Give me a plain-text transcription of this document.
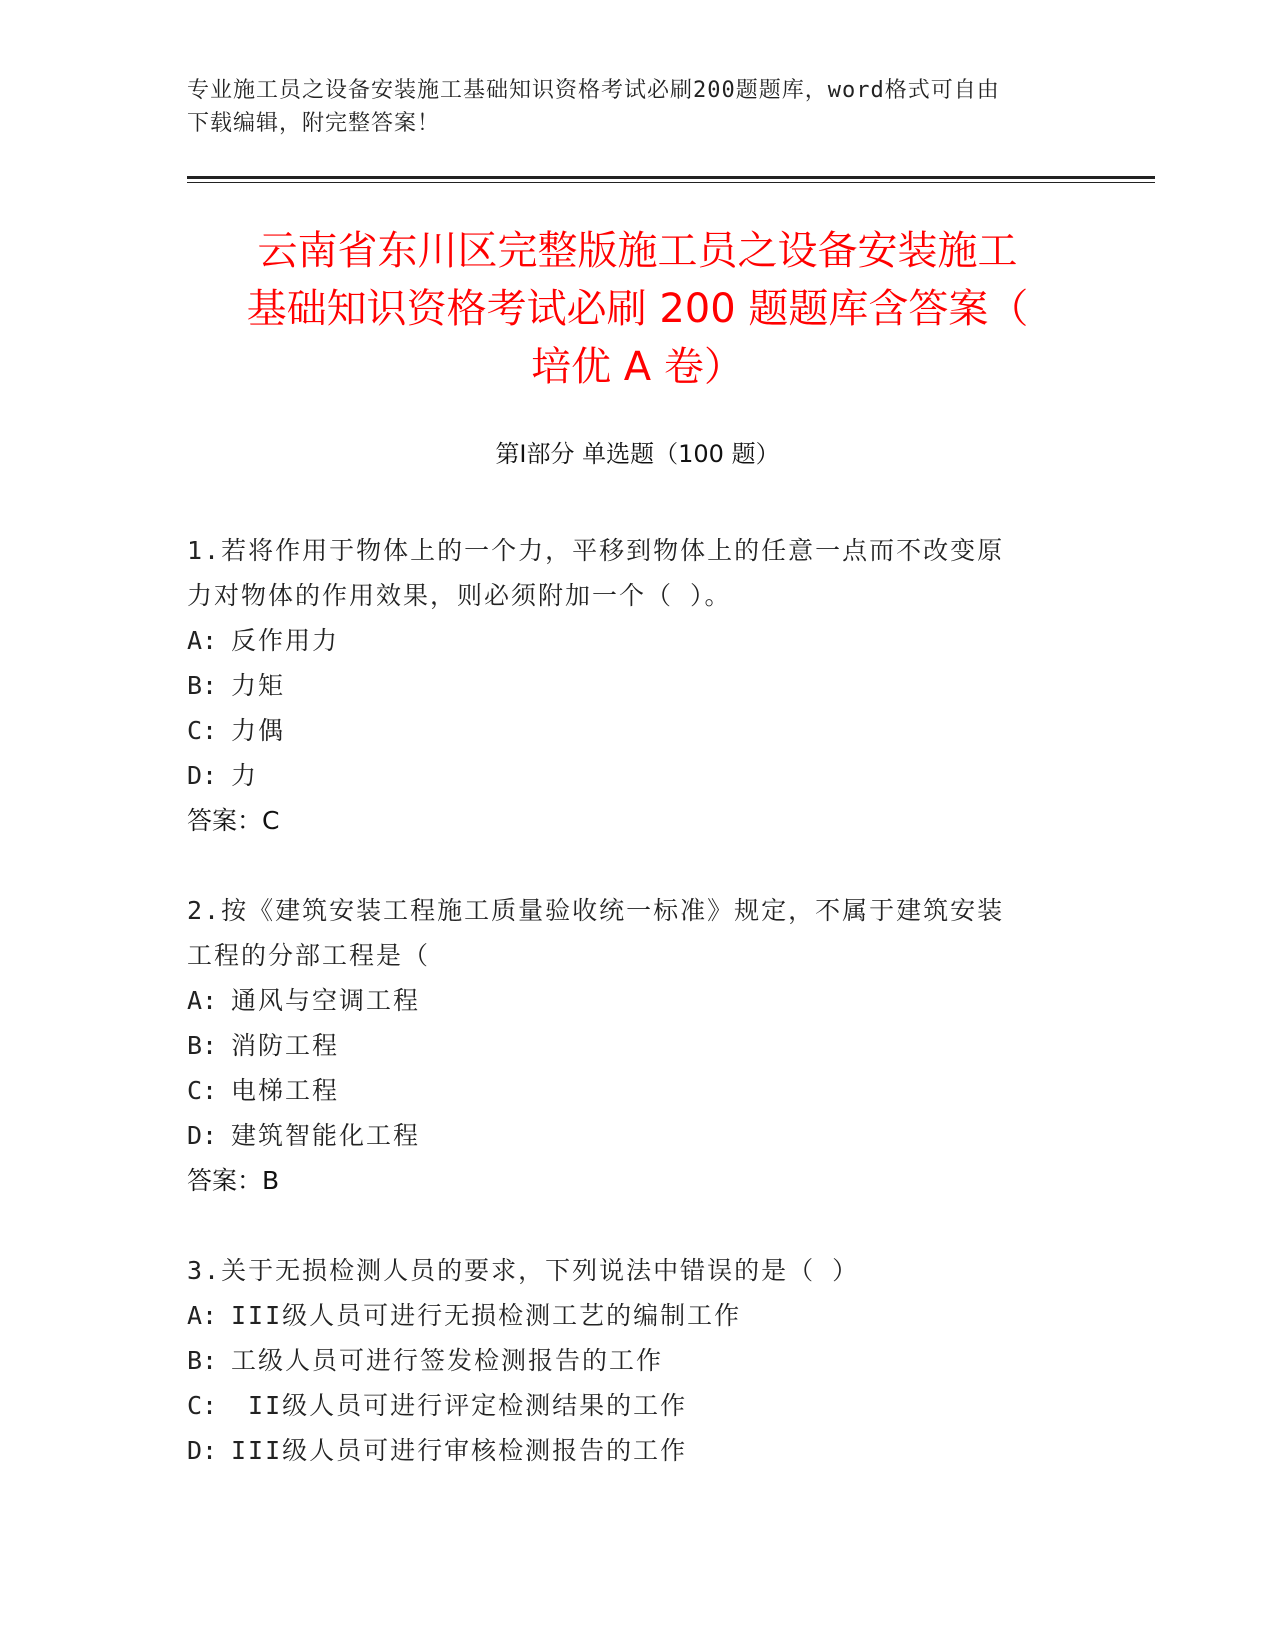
专业施工员之设备安装施工基础知识资格考试必刷200题题库，word格式可自由

下载编辑，附完整答案！

云南省东川区完整版施工员之设备安装施工

基础知识资格考试必刷 200 题题库含答案（

培优 A 卷）

第Ⅰ部分 单选题（100 题）

1.若将作用于物体上的一个力，平移到物体上的任意一点而不改变原

力对物体的作用效果，则必须附加一个（ ）。

A: 反作用力

B: 力矩

C: 力偶

D: 力

答案：C

2.按《建筑安装工程施工质量验收统一标准》规定，不属于建筑安装

工程的分部工程是（

A: 通风与空调工程

B: 消防工程

C: 电梯工程

D: 建筑智能化工程

答案：B

3.关于无损检测人员的要求，下列说法中错误的是（ ）

A: III级人员可进行无损检测工艺的编制工作

B: 工级人员可进行签发检测报告的工作

C: II级人员可进行评定检测结果的工作

D: III级人员可进行审核检测报告的工作
